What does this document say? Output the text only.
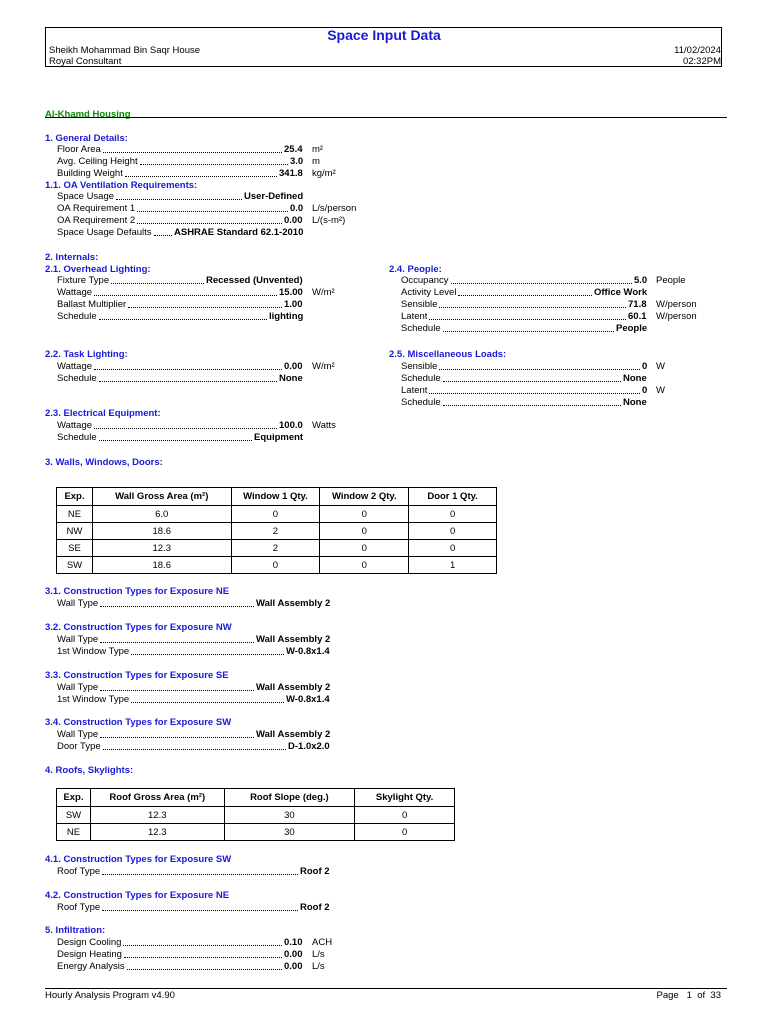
Space Input Data
Sheikh Mohammad Bin Saqr House
Royal Consultant
11/02/2024
02:32PM
Al-Khamd Housing
1. General Details:
Floor Area	25.4 m²
Avg. Ceiling Height	3.0 m
Building Weight	341.8 kg/m²
1.1. OA Ventilation Requirements:
Space Usage	User-Defined
OA Requirement 1	0.0 L/s/person
OA Requirement 2	0.00 L/(s-m²)
Space Usage Defaults ASHRAE Standard 62.1-2010
2. Internals:
2.1. Overhead Lighting:
2.2. Task Lighting:
2.3. Electrical Equipment:
2.4. People:
2.5. Miscellaneous Loads:
Fixture Type	Recessed (Unvented)
Wattage	15.00 W/m²
Ballast Multiplier	1.00
Schedule	lighting
Wattage	0.00 W/m²
Schedule	None
Wattage	100.0 Watts
Schedule	Equipment
Occupancy	5.0 People
Activity Level	Office Work
Sensible	71.8 W/person
Latent	60.1 W/person
Schedule	People
Sensible	0 W
Schedule	None
Latent	0 W
Schedule	None
3. Walls, Windows, Doors:
Exp.	Wall Gross Area (m²)	Window 1 Qty.	Window 2 Qty.	Door 1 Qty.
NE	6.0	0	0	0
NW	18.6	2	0	0
SE	12.3	2	0	0
SW	18.6	0	0	1
3.1. Construction Types for Exposure NE
Wall Type	Wall Assembly 2
3.2. Construction Types for Exposure NW
Wall Type	Wall Assembly 2
1st Window Type	W-0.8x1.4
3.3. Construction Types for Exposure SE
Wall Type	Wall Assembly 2
1st Window Type	W-0.8x1.4
3.4. Construction Types for Exposure SW
Wall Type	Wall Assembly 2
Door Type	D-1.0x2.0
4. Roofs, Skylights:
Exp.	Roof Gross Area (m²)	Roof Slope (deg.)	Skylight Qty.
SW	12.3	30	0
NE	12.3	30	0
4.1. Construction Types for Exposure SW
Roof Type	Roof 2
4.2. Construction Types for Exposure NE
Roof Type	Roof 2
5. Infiltration:
Design Cooling	0.10 ACH
Design Heating	0.00 L/s
Energy Analysis	0.00 L/s
Hourly Analysis Program v4.90	Page 1 of 33
